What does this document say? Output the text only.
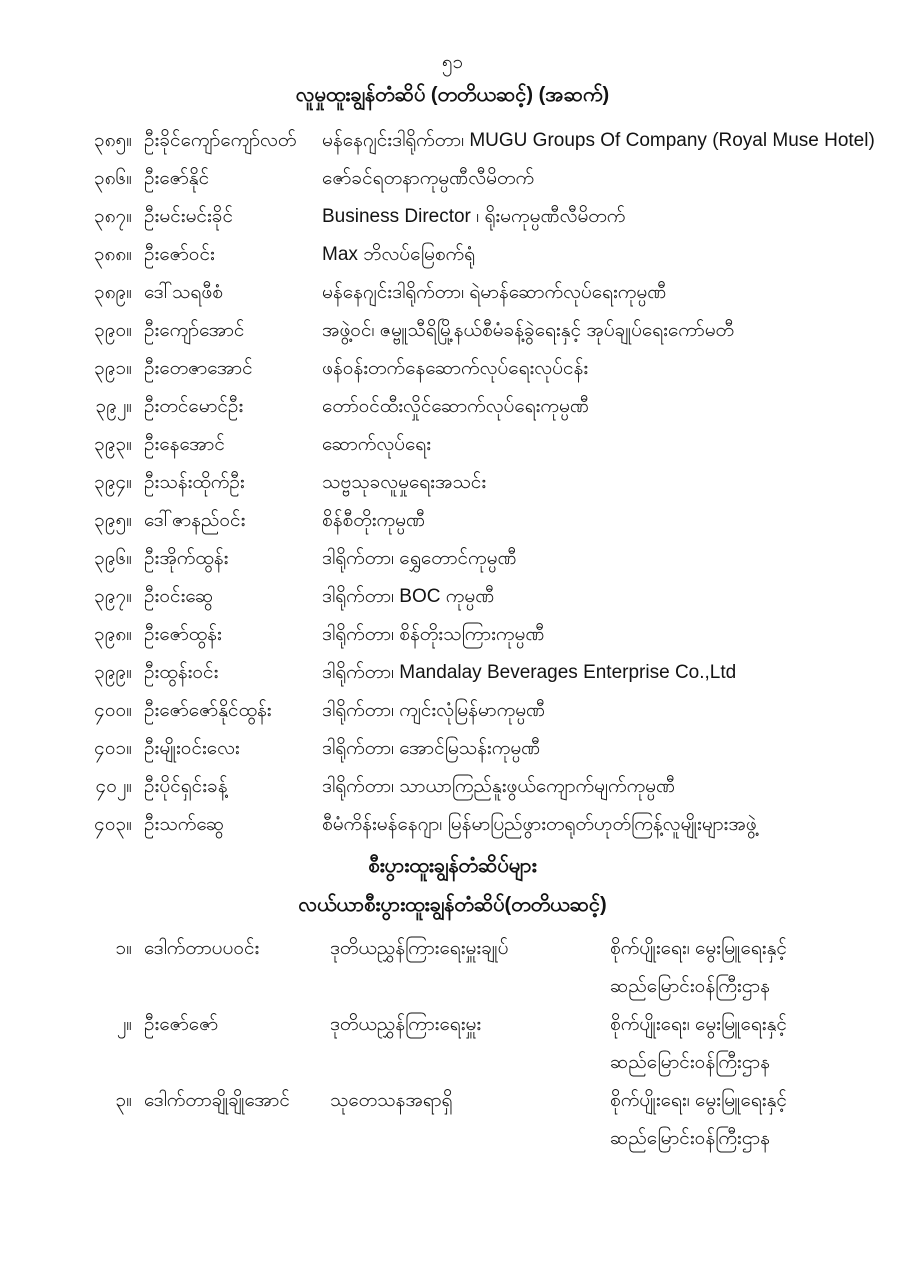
၅၁
လူမှုထူးချွန်တံဆိပ် (တတိယဆင့်) (အဆက်)
၃၈၅။ ဦးခိုင်ကျော်ကျော်လတ်	မန်နေဂျင်းဒါရိုက်တာ၊ MUGU Groups Of Company (Royal Muse Hotel)
၃၈၆။ ဦးဇော်နိုင်	ဇော်ခင်ရတနာကုမ္ပဏီလီမိတက်
၃၈၇။ ဦးမင်းမင်းခိုင်	Business Director ၊ ရိုးမကုမ္ပဏီလီမိတက်
၃၈၈။ ဦးဇော်ဝင်း	Max ဘိလပ်မြေစက်ရုံ
၃၈၉။ ဒေါ်သရဖီစံ	မန်နေဂျင်းဒါရိုက်တာ၊ ရဲမာန်ဆောက်လုပ်ရေးကုမ္ပဏီ
၃၉၀။ ဦးကျော်အောင်	အဖွဲ့ဝင်၊ ဇမ္ဗူသီရိမြို့နယ်စီမံခန့်ခွဲရေးနှင့် အုပ်ချုပ်ရေးကော်မတီ
၃၉၁။ ဦးတေဇာအောင်	ဖန်ဝန်းတက်နေဆောက်လုပ်ရေးလုပ်ငန်း
၃၉၂။ ဦးတင်မောင်ဦး	တော်ဝင်ထီးလှိုင်ဆောက်လုပ်ရေးကုမ္ပဏီ
၃၉၃။ ဦးနေအောင်	ဆောက်လုပ်ရေး
၃၉၄။ ဦးသန်းထိုက်ဦး	သဗ္ဗသုခလူမှုရေးအသင်း
၃၉၅။ ဒေါ်ဇာနည်ဝင်း	စိန်စီတိုးကုမ္ပဏီ
၃၉၆။ ဦးအိုက်ထွန်း	ဒါရိုက်တာ၊ ရွှေတောင်ကုမ္ပဏီ
၃၉၇။ ဦးဝင်းဆွေ	ဒါရိုက်တာ၊ BOC ကုမ္ပဏီ
၃၉၈။ ဦးဇော်ထွန်း	ဒါရိုက်တာ၊ စိန်တိုးသကြားကုမ္ပဏီ
၃၉၉။ ဦးထွန်းဝင်း	ဒါရိုက်တာ၊ Mandalay Beverages Enterprise Co.,Ltd
၄၀၀။ ဦးဇော်ဇော်နိုင်ထွန်း	ဒါရိုက်တာ၊ ကျင်းလုံမြန်မာကုမ္ပဏီ
၄၀၁။ ဦးမျိုးဝင်းလေး	ဒါရိုက်တာ၊ အောင်မြသန်းကုမ္ပဏီ
၄၀၂။ ဦးပိုင်ရှင်းခန့်	ဒါရိုက်တာ၊ သာယာကြည်နူးဖွယ်ကျောက်မျက်ကုမ္ပဏီ
၄၀၃။ ဦးသက်ဆွေ	စီမံကိန်းမန်နေဂျာ၊ မြန်မာပြည်ဖွားတရုတ်ဟုတ်ကြန့်လူမျိုးများအဖွဲ့
စီးပွားထူးချွန်တံဆိပ်များ
လယ်ယာစီးပွားထူးချွန်တံဆိပ်(တတိယဆင့်)
၁။ ဒေါက်တာပပဝင်း	ဒုတိယညွှန်ကြားရေးမှူးချုပ်	စိုက်ပျိုးရေး၊ မွေးမြူရေးနှင့်
ဆည်မြောင်းဝန်ကြီးဌာန
၂။ ဦးဇော်ဇော်	ဒုတိယညွှန်ကြားရေးမှူး	စိုက်ပျိုးရေး၊ မွေးမြူရေးနှင့်
ဆည်မြောင်းဝန်ကြီးဌာန
၃။ ဒေါက်တာချိုချိုအောင်	သုတေသနအရာရှိ	စိုက်ပျိုးရေး၊ မွေးမြူရေးနှင့်
ဆည်မြောင်းဝန်ကြီးဌာန
